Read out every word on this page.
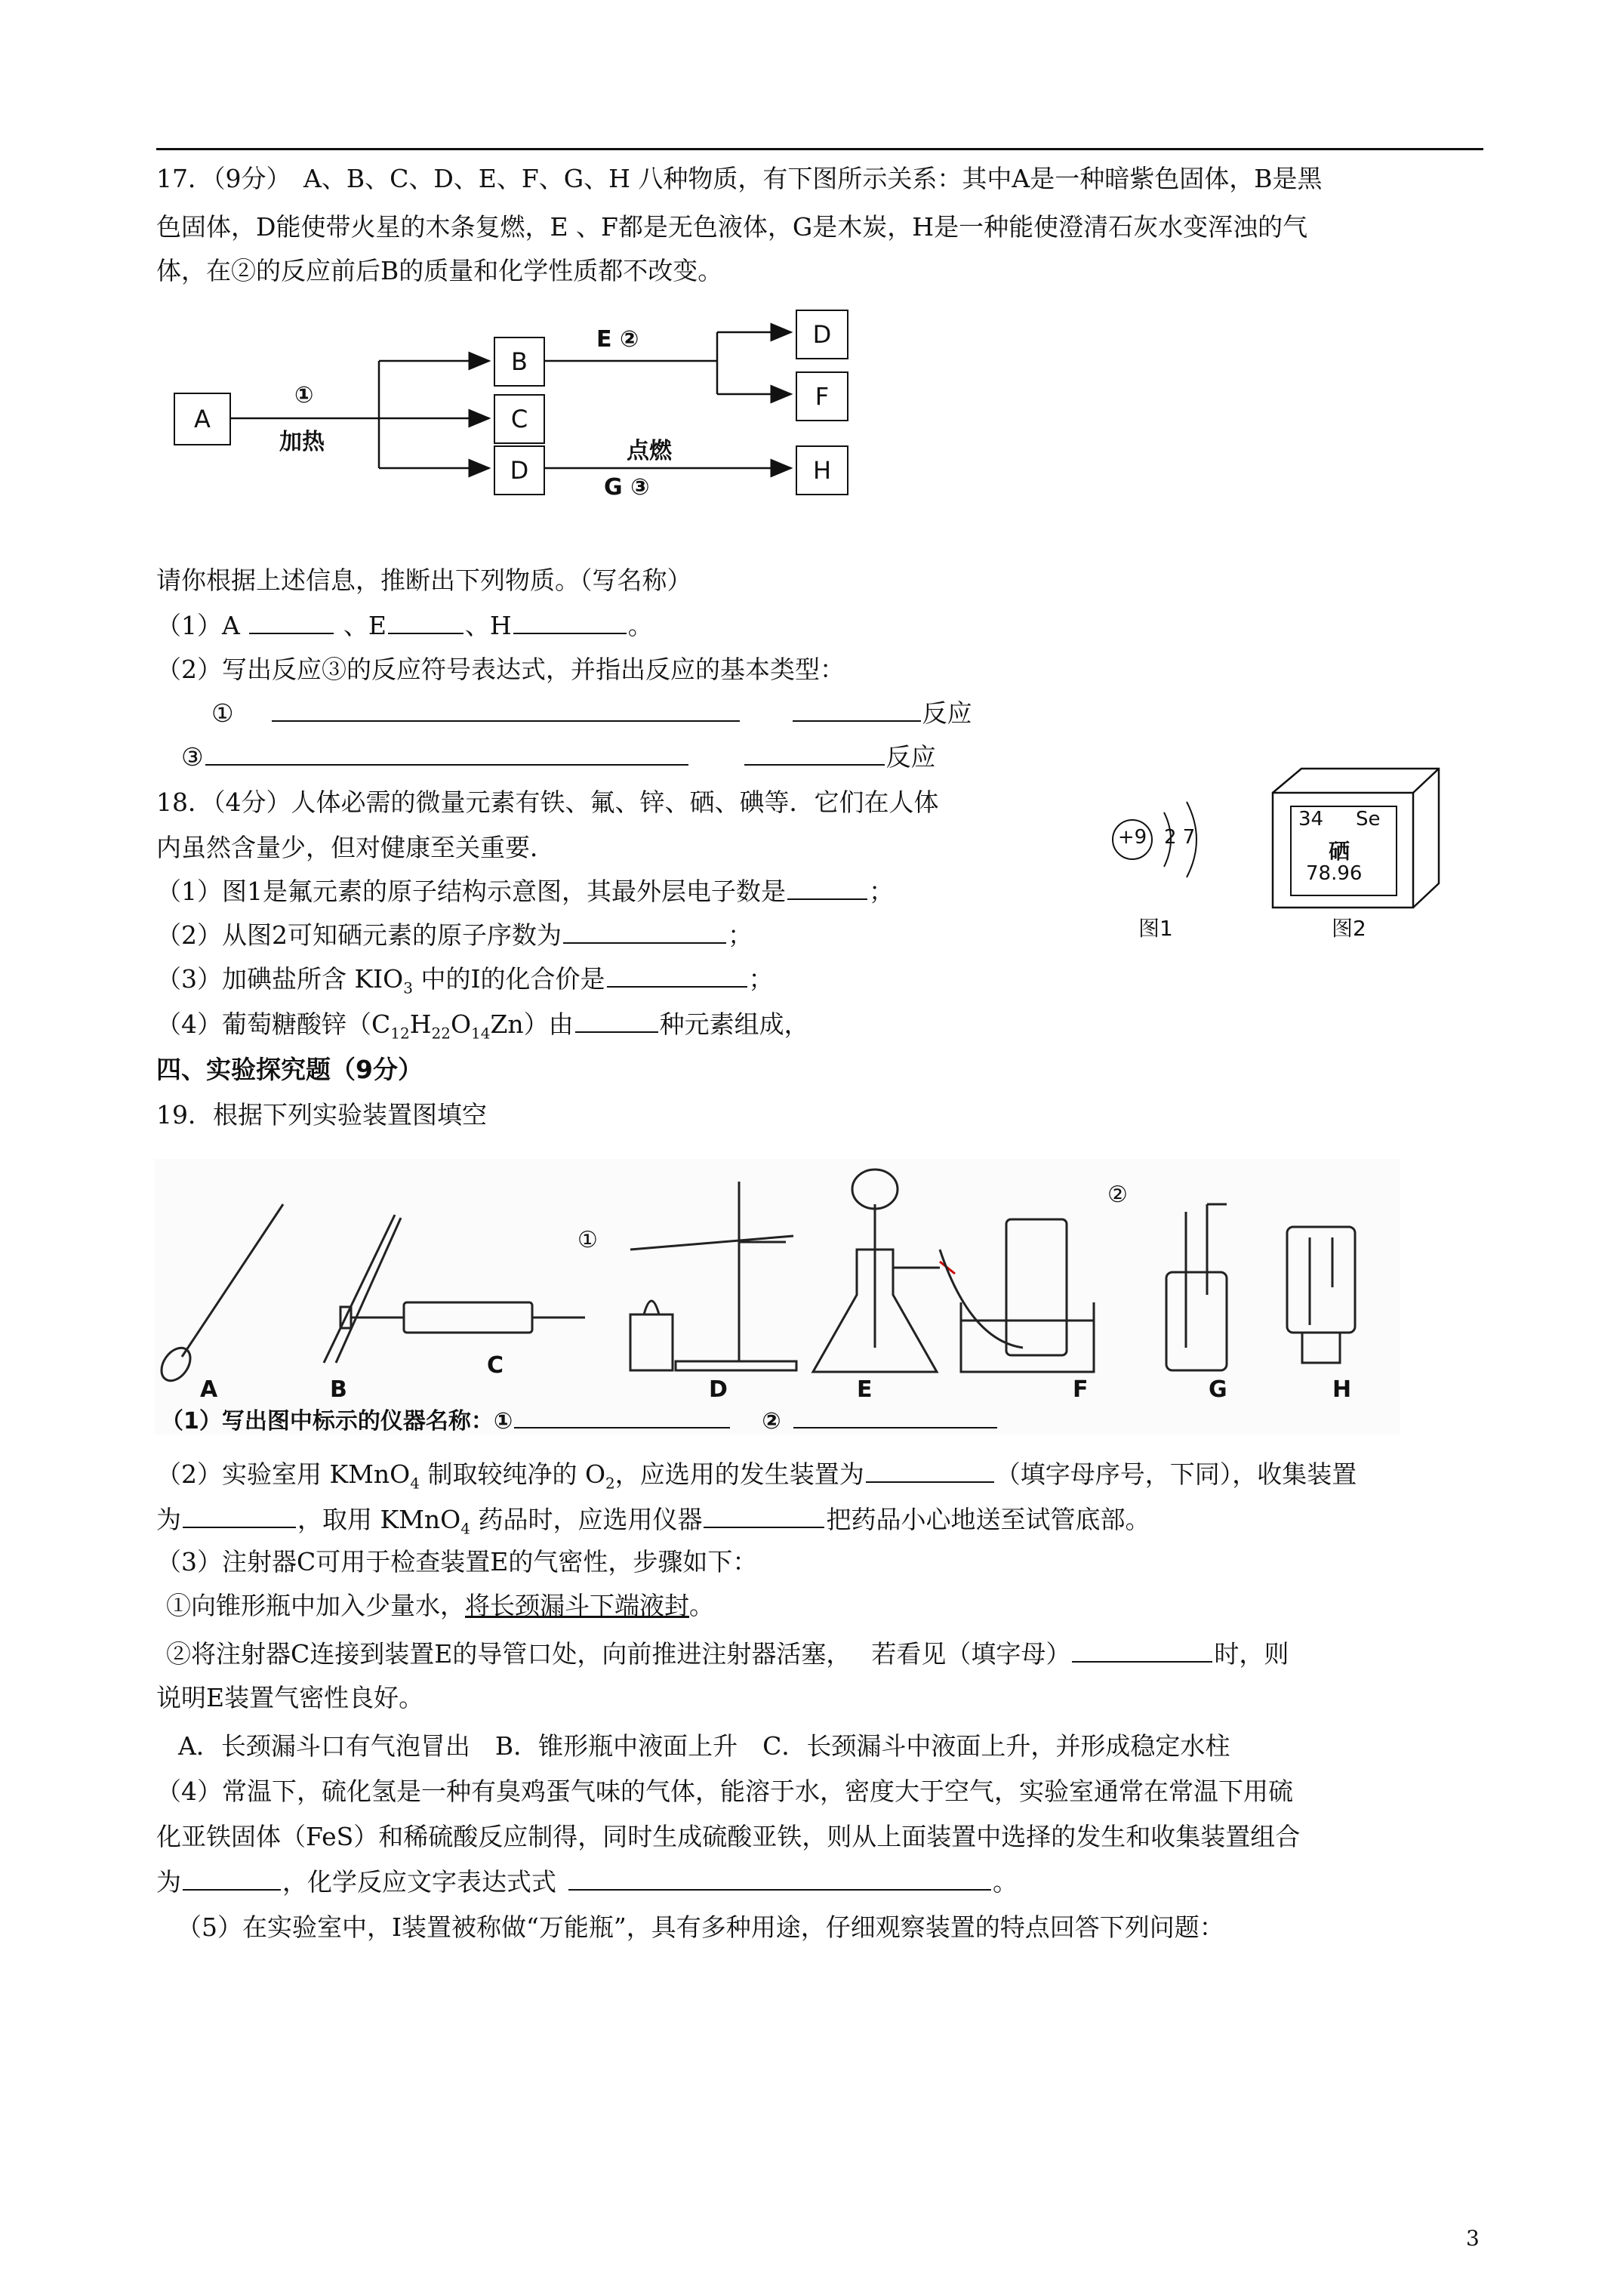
17．（9分）　A、B、C、D、E、F、G、H 八种物质，有下图所示关系：其中A是一种暗紫色固体，B是黑
色固体，D能使带火星的木条复燃，E 、F都是无色液体，G是木炭，H是一种能使澄清石灰水变浑浊的气
体，在②的反应前后B的质量和化学性质都不改变。
A
B
C
D
D
F
H
①
加热
E ②
点燃
G ③
请你根据上述信息，推断出下列物质。（写名称）
（1）A	、E	、H	。
（2）写出反应③的反应符号表达式，并指出反应的基本类型：
①	反应
③	反应
18．（4分）人体必需的微量元素有铁、氟、锌、硒、碘等．它们在人体
内虽然含量少，但对健康至关重要．
（1）图1是氟元素的原子结构示意图，其最外层电子数是	；
（2）从图2可知硒元素的原子序数为	；
（3）加碘盐所含 $KIO_3$ 中的I的化合价是	；
（4）葡萄糖酸锌$(C_{12}H_{22}O_{14}Zn)$由	种元素组成，
+9 2 7
图1
34 Se
硒
78.96
图2
四、实验探究题（9分）
19．根据下列实验装置图填空
A	B
C
D	E	F	G	H
①
②
（1）写出图中标示的仪器名称：①	②
（2）实验室用 KMnO$_4$ 制取较纯净的 $O_2$，应选用的发生装置为	（填字母序号，下同），收集装置
为	，取用 KMnO$_4$ 药品时，应选用仪器	把药品小心地送至试管底部。
（3）注射器C可用于检查装置E的气密性，步骤如下：
①向锥形瓶中加入少量水，将长颈漏斗下端液封。
②将注射器C连接到装置E的导管口处，向前推进注射器活塞，　 若看见（填字母）	时，则
说明E装置气密性良好。
A．长颈漏斗口有气泡冒出　B．锥形瓶中液面上升　C．长颈漏斗中液面上升，并形成稳定水柱
（4）常温下，硫化氢是一种有臭鸡蛋气味的气体，能溶于水，密度大于空气，实验室通常在常温下用硫
化亚铁固体（FeS）和稀硫酸反应制得，同时生成硫酸亚铁，则从上面装置中选择的发生和收集装置组合
为	，化学反应文字表达式式	。
（5）在实验室中，I装置被称做“万能瓶”，具有多种用途，仔细观察装置的特点回答下列问题：
3
